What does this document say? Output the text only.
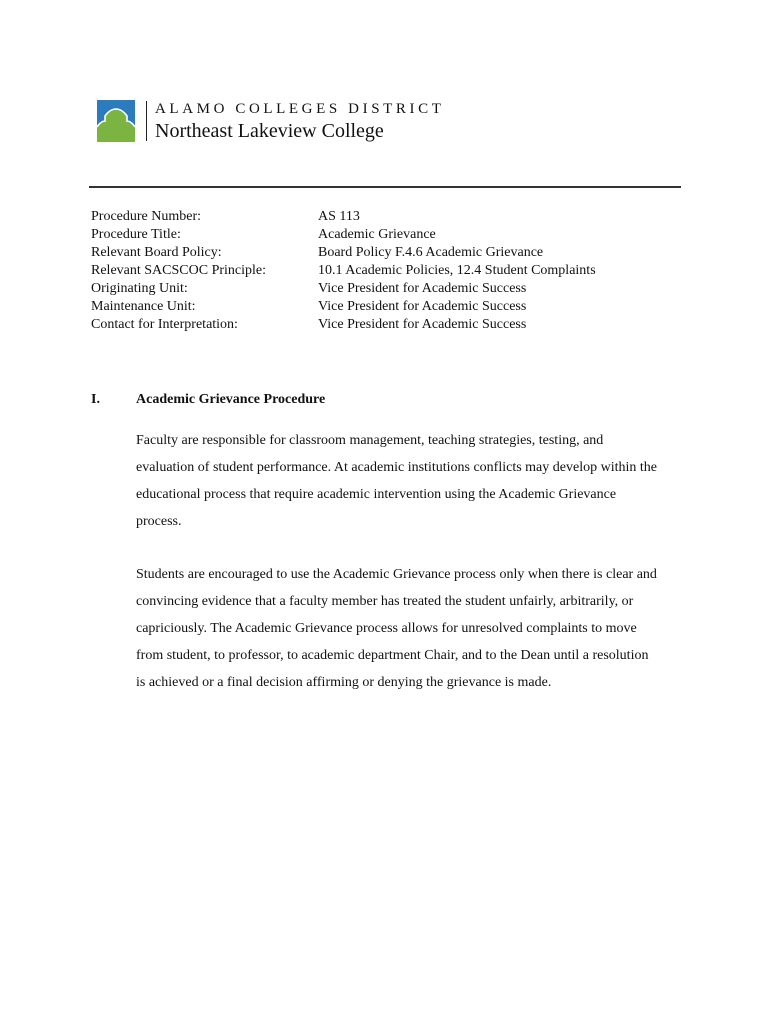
ALAMO COLLEGES DISTRICT
Northeast Lakeview College
Procedure Number:	AS 113
Procedure Title:	Academic Grievance
Relevant Board Policy:	Board Policy F.4.6 Academic Grievance
Relevant SACSCOC Principle:	10.1 Academic Policies, 12.4 Student Complaints
Originating Unit:	Vice President for Academic Success
Maintenance Unit:	Vice President for Academic Success
Contact for Interpretation:	Vice President for Academic Success
I.	Academic Grievance Procedure

Faculty are responsible for classroom management, teaching strategies, testing, and evaluation of student performance. At academic institutions conflicts may develop within the educational process that require academic intervention using the Academic Grievance process.

Students are encouraged to use the Academic Grievance process only when there is clear and convincing evidence that a faculty member has treated the student unfairly, arbitrarily, or capriciously. The Academic Grievance process allows for unresolved complaints to move from student, to professor, to academic department Chair, and to the Dean until a resolution is achieved or a final decision affirming or denying the grievance is made.
